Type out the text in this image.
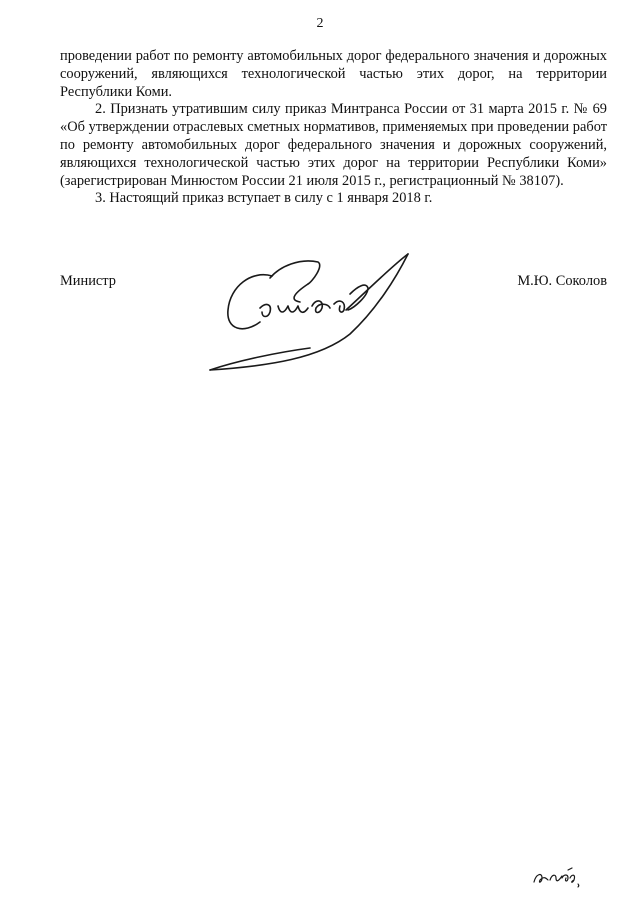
2

проведении работ по ремонту автомобильных дорог федерального значения и дорожных сооружений, являющихся технологической частью этих дорог, на территории Республики Коми.

2. Признать утратившим силу приказ Минтранса России от 31 марта 2015 г. № 69 «Об утверждении отраслевых сметных нормативов, применяемых при проведении работ по ремонту автомобильных дорог федерального значения и дорожных сооружений, являющихся технологической частью этих дорог на территории Республики Коми» (зарегистрирован Минюстом России 21 июля 2015 г., регистрационный № 38107).

3. Настоящий приказ вступает в силу с 1 января 2018 г.

Министр	М.Ю. Соколов
